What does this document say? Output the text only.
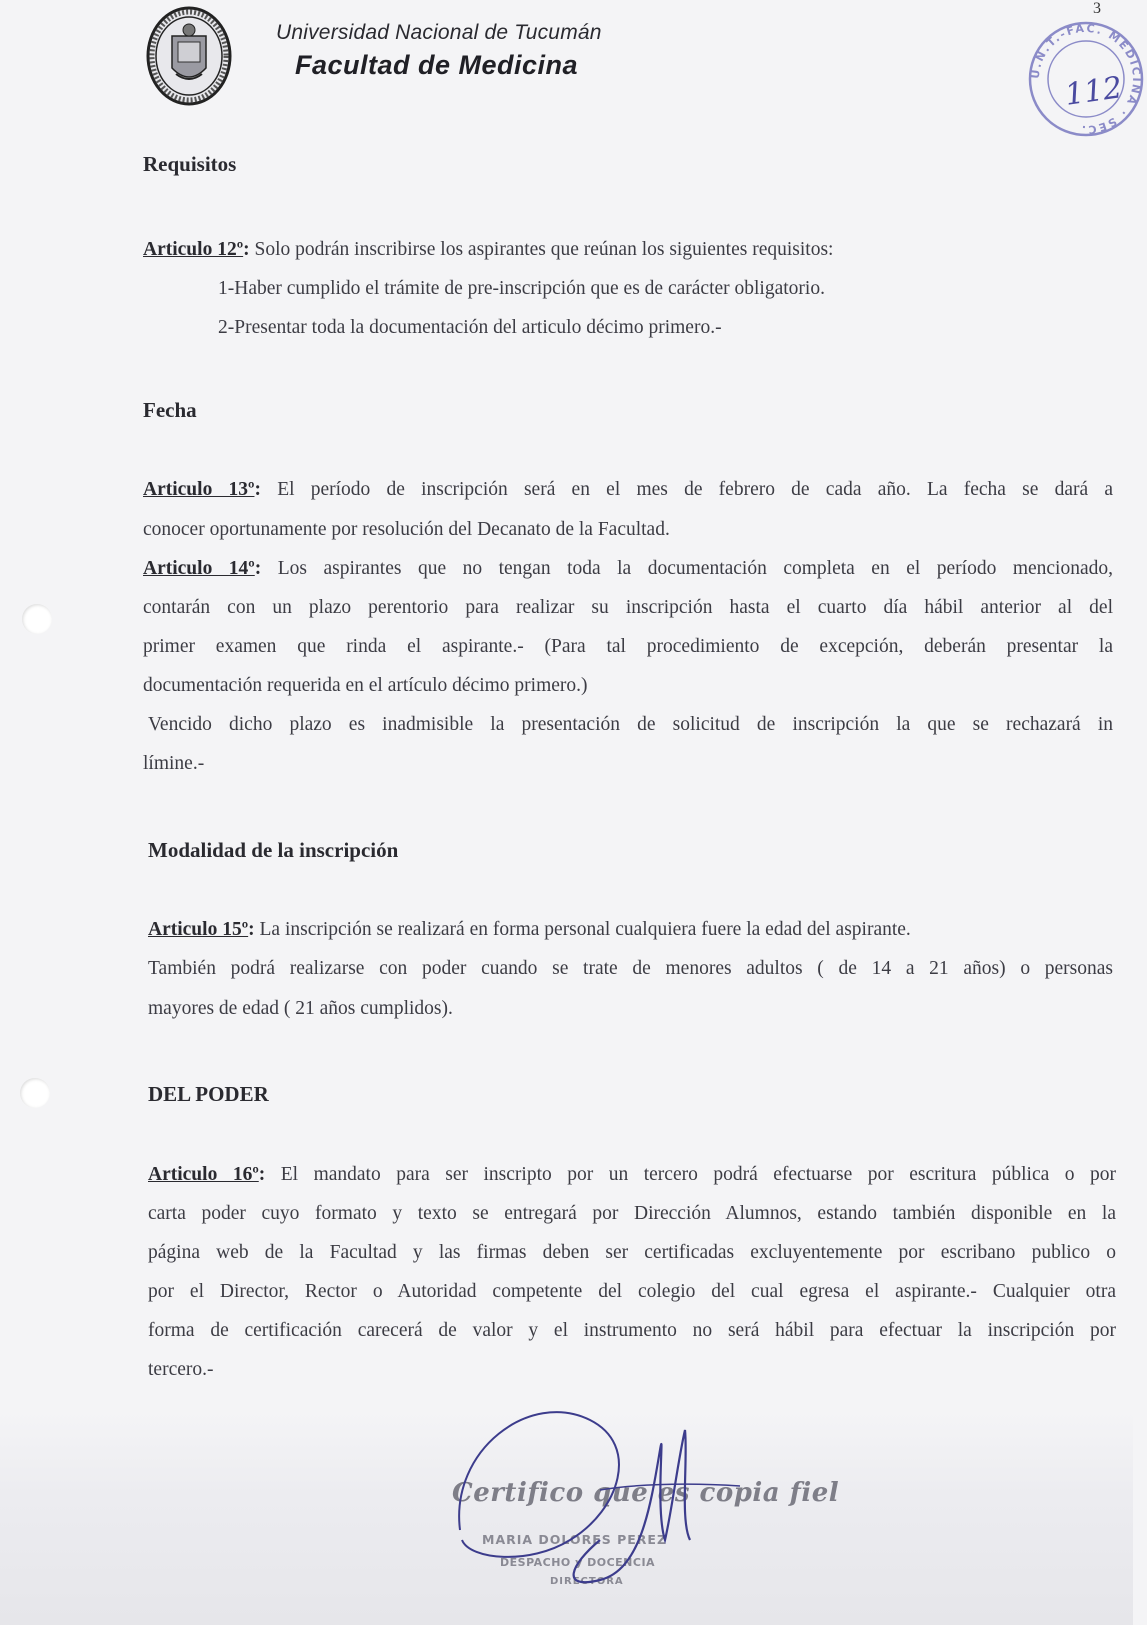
Universidad Nacional de Tucumán
Facultad de Medicina
3
U.N.T.-FAC. MEDICINA · SEC.
112
Requisitos
Articulo 12º: Solo podrán inscribirse los aspirantes que reúnan los siguientes requisitos:
1-Haber cumplido el trámite de pre-inscripción que es de carácter obligatorio.
2-Presentar toda la documentación del articulo décimo primero.-
Fecha
Articulo 13º: El período de inscripción será en el mes de febrero de cada año. La fecha se dará a
conocer oportunamente por resolución del Decanato de la Facultad.
Articulo 14º: Los aspirantes que no tengan toda la documentación completa en el período mencionado,
contarán con un plazo perentorio para realizar su inscripción hasta el cuarto día hábil anterior al del
primer examen que rinda el aspirante.- (Para tal procedimiento de excepción, deberán presentar la
documentación requerida en el artículo décimo primero.)
Vencido dicho plazo es inadmisible la presentación de solicitud de inscripción la que se rechazará in
límine.-
Modalidad de la inscripción
Articulo 15º: La inscripción se realizará en forma personal cualquiera fuere la edad del aspirante.
También podrá realizarse con poder cuando se trate de menores adultos ( de 14 a 21 años) o personas
mayores de edad ( 21 años cumplidos).
DEL PODER
Articulo 16º: El mandato para ser inscripto por un tercero podrá efectuarse por escritura pública o por
carta poder cuyo formato y texto se entregará por Dirección Alumnos, estando también disponible en la
página web de la Facultad y las firmas deben ser certificadas excluyentemente por escribano publico o
por el Director, Rector o Autoridad competente del colegio del cual egresa el aspirante.- Cualquier otra
forma de certificación carecerá de valor y el instrumento no será hábil para efectuar la inscripción por
tercero.-
Certifico que es copia fiel
MARIA DOLORES PEREZ
DESPACHO y DOCENCIA
DIRECTORA
